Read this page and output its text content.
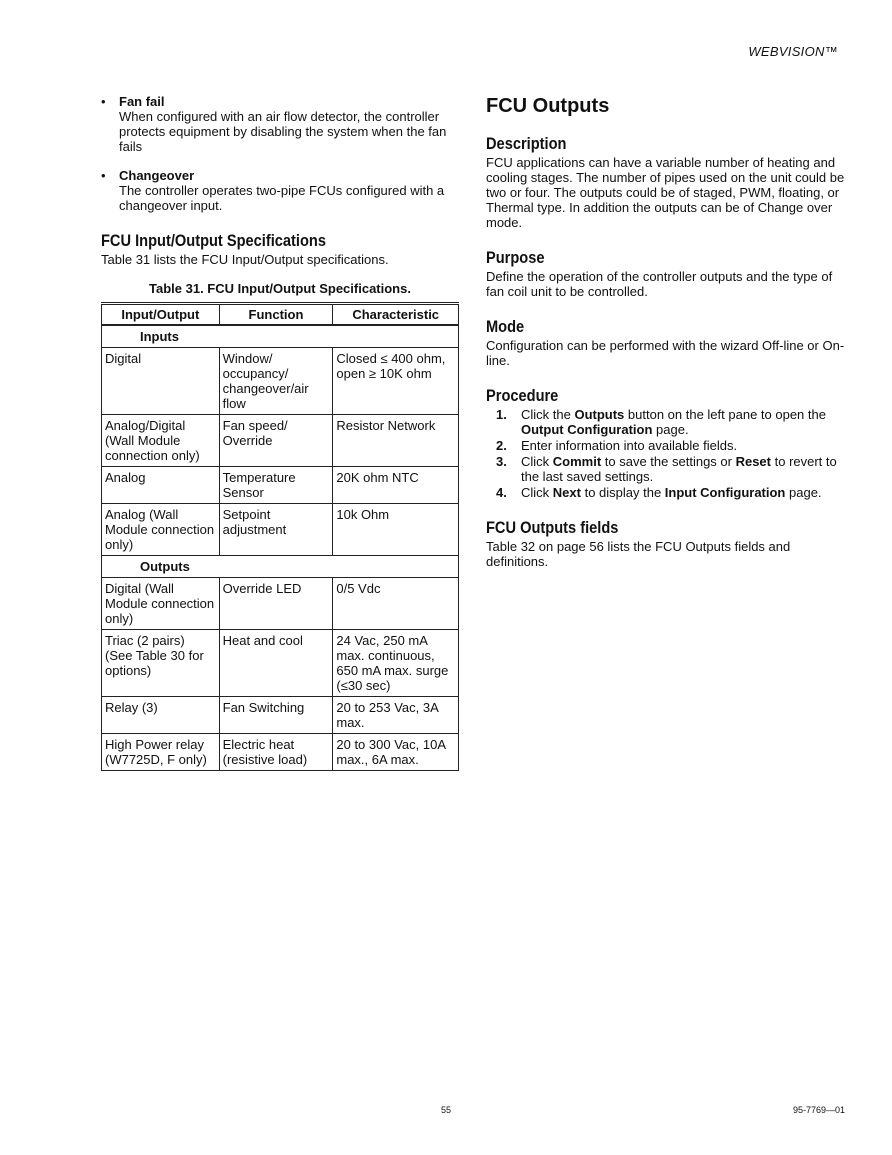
WEBVISION™
• Fan fail
When configured with an air flow detector, the controller protects equipment by disabling the system when the fan fails
• Changeover
The controller operates two-pipe FCUs configured with a changeover input.
FCU Input/Output Specifications

Table 31 lists the FCU Input/Output specifications.

Table 31. FCU Input/Output Specifications.
Input/Output	Function	Characteristic
Inputs		
Digital	Window/ occupancy/ changeover/air flow	Closed ≤ 400 ohm, open ≥ 10K ohm
Analog/Digital (Wall Module connection only)	Fan speed/ Override	Resistor Network
Analog	Temperature Sensor	20K ohm NTC
Analog (Wall Module connection only)	Setpoint adjustment	10k Ohm
Outputs		
Digital (Wall Module connection only)	Override LED	0/5 Vdc
Triac (2 pairs) (See Table 30 for options)	Heat and cool	24 Vac, 250 mA max. continuous, 650 mA max. surge (≤30 sec)
Relay (3)	Fan Switching	20 to 253 Vac, 3A max.
High Power relay (W7725D, F only)	Electric heat (resistive load)	20 to 300 Vac, 10A max., 6A max.
FCU Outputs
Description

FCU applications can have a variable number of heating and cooling stages. The number of pipes used on the unit could be two or four. The outputs could be of staged, PWM, floating, or Thermal type. In addition the outputs can be of Change over mode.

Purpose

Define the operation of the controller outputs and the type of fan coil unit to be controlled.

Mode

Configuration can be performed with the wizard Off-line or On-line.

Procedure
1. Click the Outputs button on the left pane to open the Output Configuration page.
2. Enter information into available fields.
3. Click Commit to save the settings or Reset to revert to the last saved settings.
4. Click Next to display the Input Configuration page.
FCU Outputs fields

Table 32 on page 56 lists the FCU Outputs fields and definitions.

55	95-7769—01
